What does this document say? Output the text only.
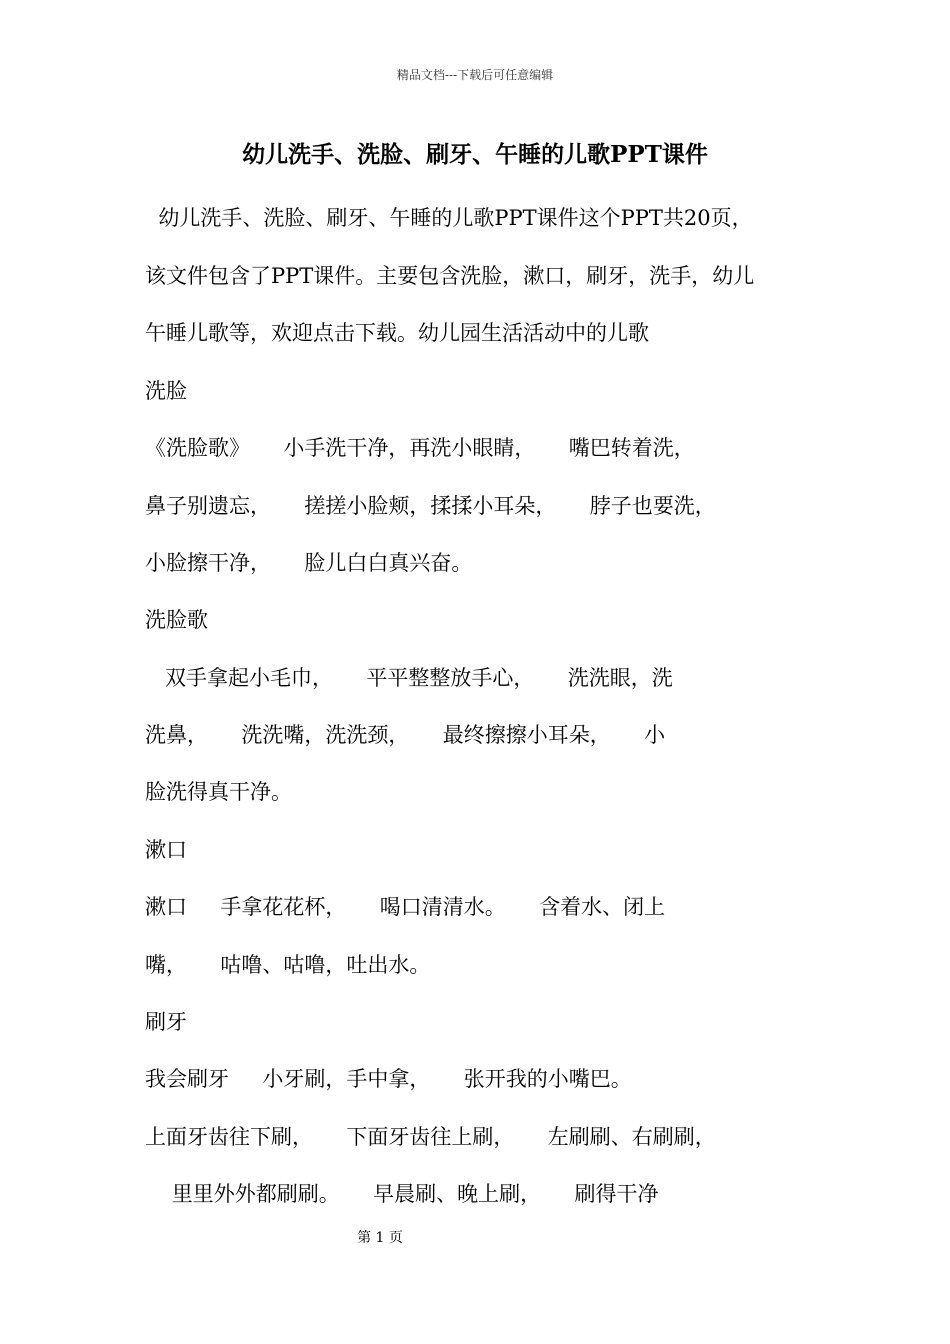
精品文档---下载后可任意编辑
幼儿洗手、洗脸、刷牙、午睡的儿歌PPT课件
幼儿洗手、洗脸、刷牙、午睡的儿歌PPT课件这个PPT共20页，
该文件包含了PPT课件。主要包含洗脸，漱口，刷牙，洗手，幼儿
午睡儿歌等，欢迎点击下载。幼儿园生活活动中的儿歌
洗脸
《洗脸歌》     小手洗干净，再洗小眼睛，     嘴巴转着洗，
鼻子别遗忘，     搓搓小脸颊，揉揉小耳朵，     脖子也要洗，
小脸擦干净，     脸儿白白真兴奋。
洗脸歌
双手拿起小毛巾，     平平整整放手心，     洗洗眼，洗
洗鼻，     洗洗嘴，洗洗颈，     最终擦擦小耳朵，     小
脸洗得真干净。
漱口
漱口     手拿花花杯，     喝口清清水。     含着水、闭上
嘴，     咕噜、咕噜，吐出水。
刷牙
我会刷牙     小牙刷，手中拿，     张开我的小嘴巴。
上面牙齿往下刷，     下面牙齿往上刷，     左刷刷、右刷刷，
里里外外都刷刷。     早晨刷、晚上刷，     刷得干净
第 1 页
